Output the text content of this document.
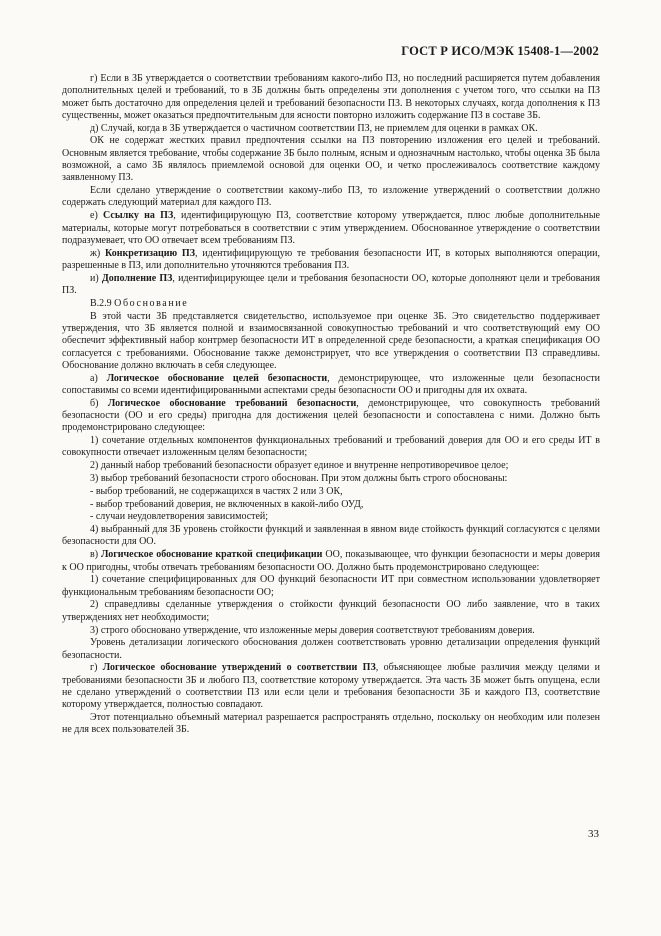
ГОСТ Р ИСО/МЭК 15408-1—2002

г) Если в ЗБ утверждается о соответствии требованиям какого-либо ПЗ, но последний расширяется путем добавления дополнительных целей и требований, то в ЗБ должны быть определены эти дополнения с учетом того, что ссылки на ПЗ может быть достаточно для определения целей и требований безопасности ПЗ. В некоторых случаях, когда дополнения к ПЗ существенны, может оказаться предпочтительным для ясности повторно изложить содержание ПЗ в составе ЗБ.

д) Случай, когда в ЗБ утверждается о частичном соответствии ПЗ, не приемлем для оценки в рамках ОК.

ОК не содержат жестких правил предпочтения ссылки на ПЗ повторению изложения его целей и требований. Основным является требование, чтобы содержание ЗБ было полным, ясным и однозначным настолько, чтобы оценка ЗБ была возможной, а само ЗБ являлось приемлемой основой для оценки ОО, и четко прослеживалось соответствие каждому заявленному ПЗ.

Если сделано утверждение о соответствии какому-либо ПЗ, то изложение утверждений о соответствии должно содержать следующий материал для каждого ПЗ.

е) Ссылку на ПЗ, идентифицирующую ПЗ, соответствие которому утверждается, плюс любые дополнительные материалы, которые могут потребоваться в соответствии с этим утверждением. Обоснованное утверждение о соответствии подразумевает, что ОО отвечает всем требованиям ПЗ.

ж) Конкретизацию ПЗ, идентифицирующую те требования безопасности ИТ, в которых выполняются операции, разрешенные в ПЗ, или дополнительно уточняются требования ПЗ.

и) Дополнение ПЗ, идентифицирующее цели и требования безопасности ОО, которые дополняют цели и требования ПЗ.

B.2.9 Обоснование

В этой части ЗБ представляется свидетельство, используемое при оценке ЗБ. Это свидетельство поддерживает утверждения, что ЗБ является полной и взаимосвязанной совокупностью требований и что соответствующий ему ОО обеспечит эффективный набор контрмер безопасности ИТ в определенной среде безопасности, а краткая спецификация ОО согласуется с требованиями. Обоснование также демонстрирует, что все утверждения о соответствии ПЗ справедливы. Обоснование должно включать в себя следующее.

а) Логическое обоснование целей безопасности, демонстрирующее, что изложенные цели безопасности сопоставимы со всеми идентифицированными аспектами среды безопасности ОО и пригодны для их охвата.

б) Логическое обоснование требований безопасности, демонстрирующее, что совокупность требований безопасности (ОО и его среды) пригодна для достижения целей безопасности и сопоставлена с ними. Должно быть продемонстрировано следующее:

1) сочетание отдельных компонентов функциональных требований и требований доверия для ОО и его среды ИТ в совокупности отвечает изложенным целям безопасности;

2) данный набор требований безопасности образует единое и внутренне непротиворечивое целое;

3) выбор требований безопасности строго обоснован. При этом должны быть строго обоснованы:

- выбор требований, не содержащихся в частях 2 или 3 ОК,

- выбор требований доверия, не включенных в какой-либо ОУД,

- случаи неудовлетворения зависимостей;

4) выбранный для ЗБ уровень стойкости функций и заявленная в явном виде стойкость функций согласуются с целями безопасности для ОО.

в) Логическое обоснование краткой спецификации ОО, показывающее, что функции безопасности и меры доверия к ОО пригодны, чтобы отвечать требованиям безопасности ОО. Должно быть продемонстрировано следующее:

1) сочетание специфицированных для ОО функций безопасности ИТ при совместном использовании удовлетворяет функциональным требованиям безопасности ОО;

2) справедливы сделанные утверждения о стойкости функций безопасности ОО либо заявление, что в таких утверждениях нет необходимости;

3) строго обосновано утверждение, что изложенные меры доверия соответствуют требованиям доверия.

Уровень детализации логического обоснования должен соответствовать уровню детализации определения функций безопасности.

г) Логическое обоснование утверждений о соответствии ПЗ, объясняющее любые различия между целями и требованиями безопасности ЗБ и любого ПЗ, соответствие которому утверждается. Эта часть ЗБ может быть опущена, если не сделано утверждений о соответствии ПЗ или если цели и требования безопасности ЗБ и каждого ПЗ, соответствие которому утверждается, полностью совпадают.

Этот потенциально объемный материал разрешается распространять отдельно, поскольку он необходим или полезен не для всех пользователей ЗБ.

33
